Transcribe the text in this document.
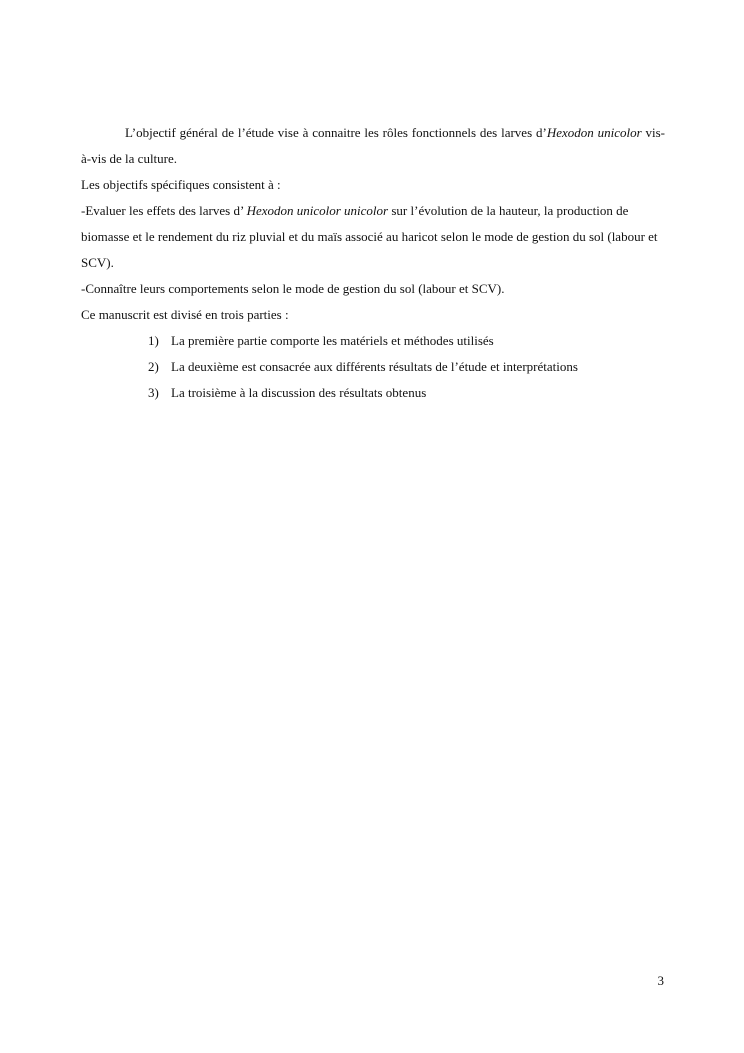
L’objectif général de l’étude vise à connaitre les rôles fonctionnels des larves d’Hexodon unicolor vis-à-vis de la culture.

Les objectifs spécifiques consistent à :

-Evaluer les effets des larves d’ Hexodon unicolor unicolor sur l’évolution de la hauteur, la production de biomasse et le rendement du riz pluvial et du maïs associé au haricot selon le mode de gestion du sol (labour et SCV).

-Connaître leurs comportements selon le mode de gestion du sol (labour et SCV).

Ce manuscrit est divisé en trois parties :

1) La première partie comporte les matériels et méthodes utilisés
2) La deuxième est consacrée aux différents résultats de l’étude et interprétations
3) La troisième à la discussion des résultats obtenus
3
